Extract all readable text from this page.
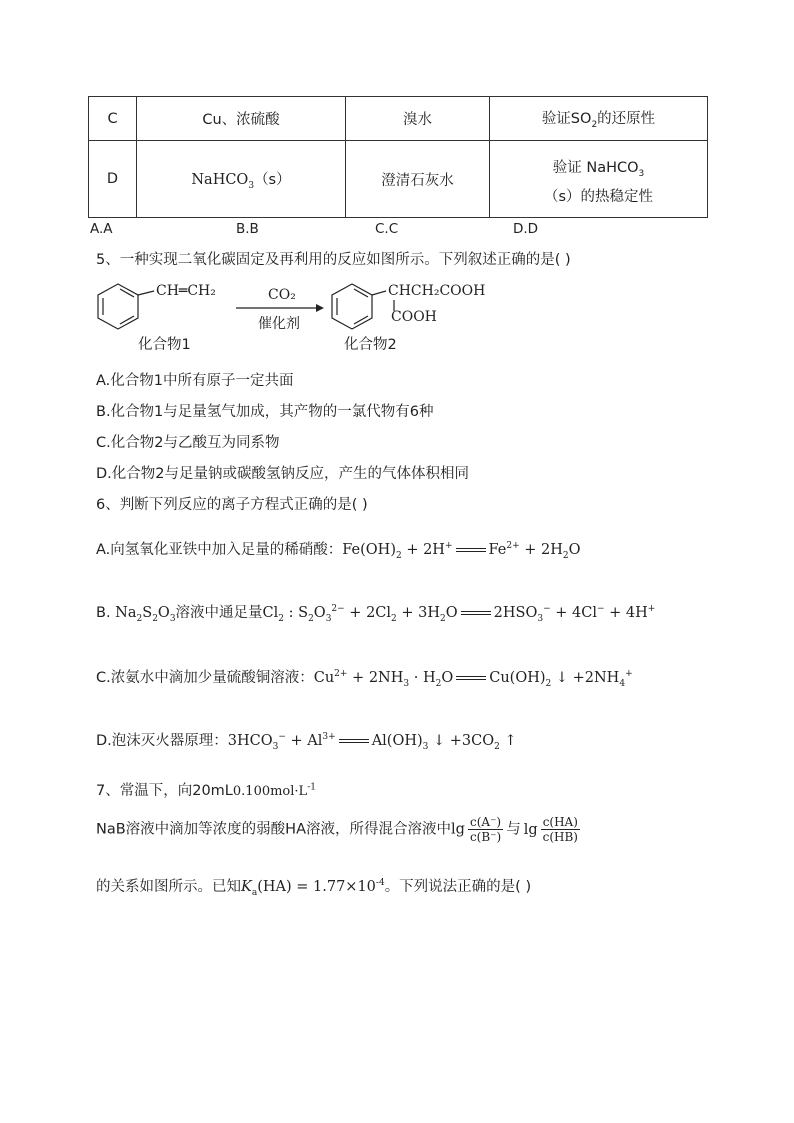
C	Cu、浓硫酸	溴水	验证$SO_2$的还原性
D	NaHCO$_3$（s）	澄清石灰水	验证 NaHCO$_3$
（s）的热稳定性
A.A	B.B	C.C	D.D
5、一种实现二氧化碳固定及再利用的反应如图所示。下列叙述正确的是( )
CH═CH₂	CO₂
催化剂
CHCH₂COOH
COOH
化合物1	化合物2
A.化合物1中所有原子一定共面
B.化合物1与足量氢气加成，其产物的一氯代物有6种
C.化合物2与乙酸互为同系物
D.化合物2与足量钠或碳酸氢钠反应，产生的气体体积相同
6、判断下列反应的离子方程式正确的是( )
A.向氢氧化亚铁中加入足量的稀硝酸：$Fe(OH)_2 + 2H^+$ $Fe^{2+} + 2H_2O$
B. $Na_2S_2O_3$溶液中通足量$Cl_2$ : $S_2O_3^{2-} + 2Cl_2 + 3H_2O$ $2HSO_3^- + 4Cl^- + 4H^+$
C.浓氨水中滴加少量硫酸铜溶液：$Cu^{2+} + 2NH_3 \cdot H_2O$ $Cu(OH)_2$ ↓ $+2NH_4^+$
D.泡沫灭火器原理：$3HCO_3^- + Al^{3+}$ $Al(OH)_3$ ↓ $+3CO_2$ ↑
7、常温下，向$20mL0.100mol\cdot L^{-1}$
NaB溶液中滴加等浓度的弱酸HA溶液，所得混合溶液中$\lg \frac{c(A^-)}{c(B^-)}$ 与 $\lg \frac{c(HA)}{c(HB)}$
的关系如图所示。已知$K_a(HA) = 1.77\times 10^{-4}$。下列说法正确的是( )
